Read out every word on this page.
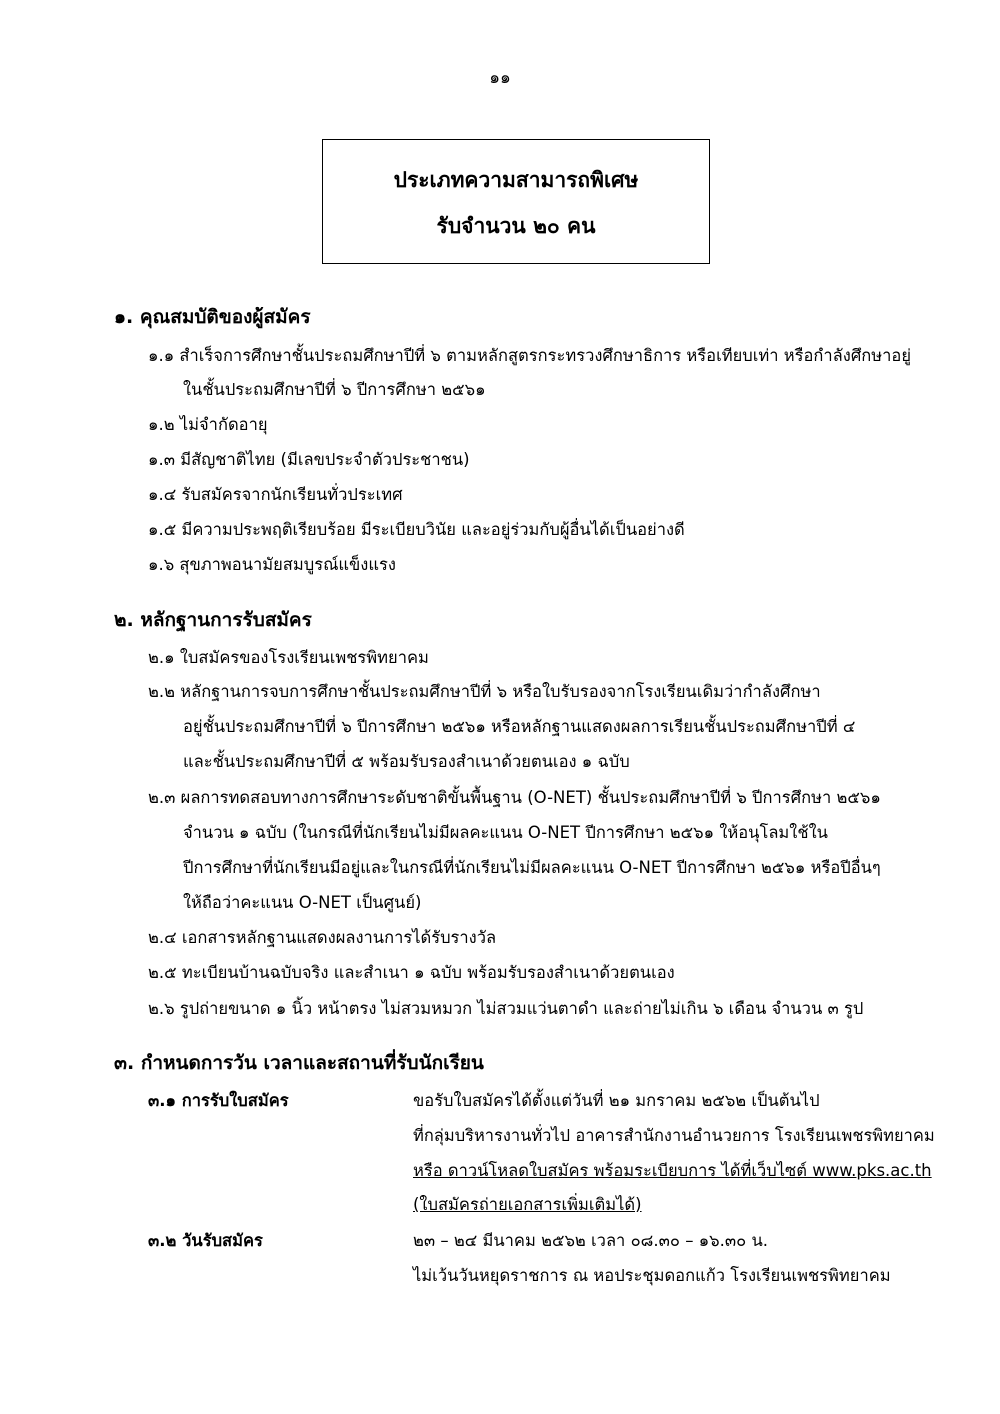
๑๑
ประเภทความสามารถพิเศษ
รับจำนวน ๒๐ คน
๑. คุณสมบัติของผู้สมัคร
๑.๑ สำเร็จการศึกษาชั้นประถมศึกษาปีที่ ๖ ตามหลักสูตรกระทรวงศึกษาธิการ หรือเทียบเท่า หรือกำลังศึกษาอยู่
ในชั้นประถมศึกษาปีที่ ๖ ปีการศึกษา ๒๕๖๑
๑.๒ ไม่จำกัดอายุ
๑.๓ มีสัญชาติไทย (มีเลขประจำตัวประชาชน)
๑.๔ รับสมัครจากนักเรียนทั่วประเทศ
๑.๕ มีความประพฤติเรียบร้อย มีระเบียบวินัย และอยู่ร่วมกับผู้อื่นได้เป็นอย่างดี
๑.๖ สุขภาพอนามัยสมบูรณ์แข็งแรง
๒. หลักฐานการรับสมัคร
๒.๑ ใบสมัครของโรงเรียนเพชรพิทยาคม
๒.๒ หลักฐานการจบการศึกษาชั้นประถมศึกษาปีที่ ๖ หรือใบรับรองจากโรงเรียนเดิมว่ากำลังศึกษา
อยู่ชั้นประถมศึกษาปีที่ ๖ ปีการศึกษา ๒๕๖๑ หรือหลักฐานแสดงผลการเรียนชั้นประถมศึกษาปีที่ ๔
และชั้นประถมศึกษาปีที่ ๕ พร้อมรับรองสำเนาด้วยตนเอง ๑ ฉบับ
๒.๓ ผลการทดสอบทางการศึกษาระดับชาติขั้นพื้นฐาน (O-NET) ชั้นประถมศึกษาปีที่ ๖ ปีการศึกษา ๒๕๖๑
จำนวน ๑ ฉบับ (ในกรณีที่นักเรียนไม่มีผลคะแนน O-NET ปีการศึกษา ๒๕๖๑ ให้อนุโลมใช้ใน
ปีการศึกษาที่นักเรียนมีอยู่และในกรณีที่นักเรียนไม่มีผลคะแนน O-NET ปีการศึกษา ๒๕๖๑ หรือปีอื่นๆ
ให้ถือว่าคะแนน O-NET เป็นศูนย์)
๒.๔ เอกสารหลักฐานแสดงผลงานการได้รับรางวัล
๒.๕ ทะเบียนบ้านฉบับจริง และสำเนา ๑ ฉบับ พร้อมรับรองสำเนาด้วยตนเอง
๒.๖ รูปถ่ายขนาด ๑ นิ้ว หน้าตรง ไม่สวมหมวก ไม่สวมแว่นตาดำ และถ่ายไม่เกิน ๖ เดือน จำนวน ๓ รูป
๓. กำหนดการวัน เวลาและสถานที่รับนักเรียน
๓.๑ การรับใบสมัคร	ขอรับใบสมัครได้ตั้งแต่วันที่ ๒๑ มกราคม ๒๕๖๒ เป็นต้นไป
ที่กลุ่มบริหารงานทั่วไป อาคารสำนักงานอำนวยการ โรงเรียนเพชรพิทยาคม
หรือ ดาวน์โหลดใบสมัคร พร้อมระเบียบการ ได้ที่เว็บไซต์ www.pks.ac.th
(ใบสมัครถ่ายเอกสารเพิ่มเติมได้)
๓.๒ วันรับสมัคร	๒๓ – ๒๔ มีนาคม ๒๕๖๒ เวลา ๐๘.๓๐ – ๑๖.๓๐ น.
ไม่เว้นวันหยุดราชการ ณ หอประชุมดอกแก้ว โรงเรียนเพชรพิทยาคม
